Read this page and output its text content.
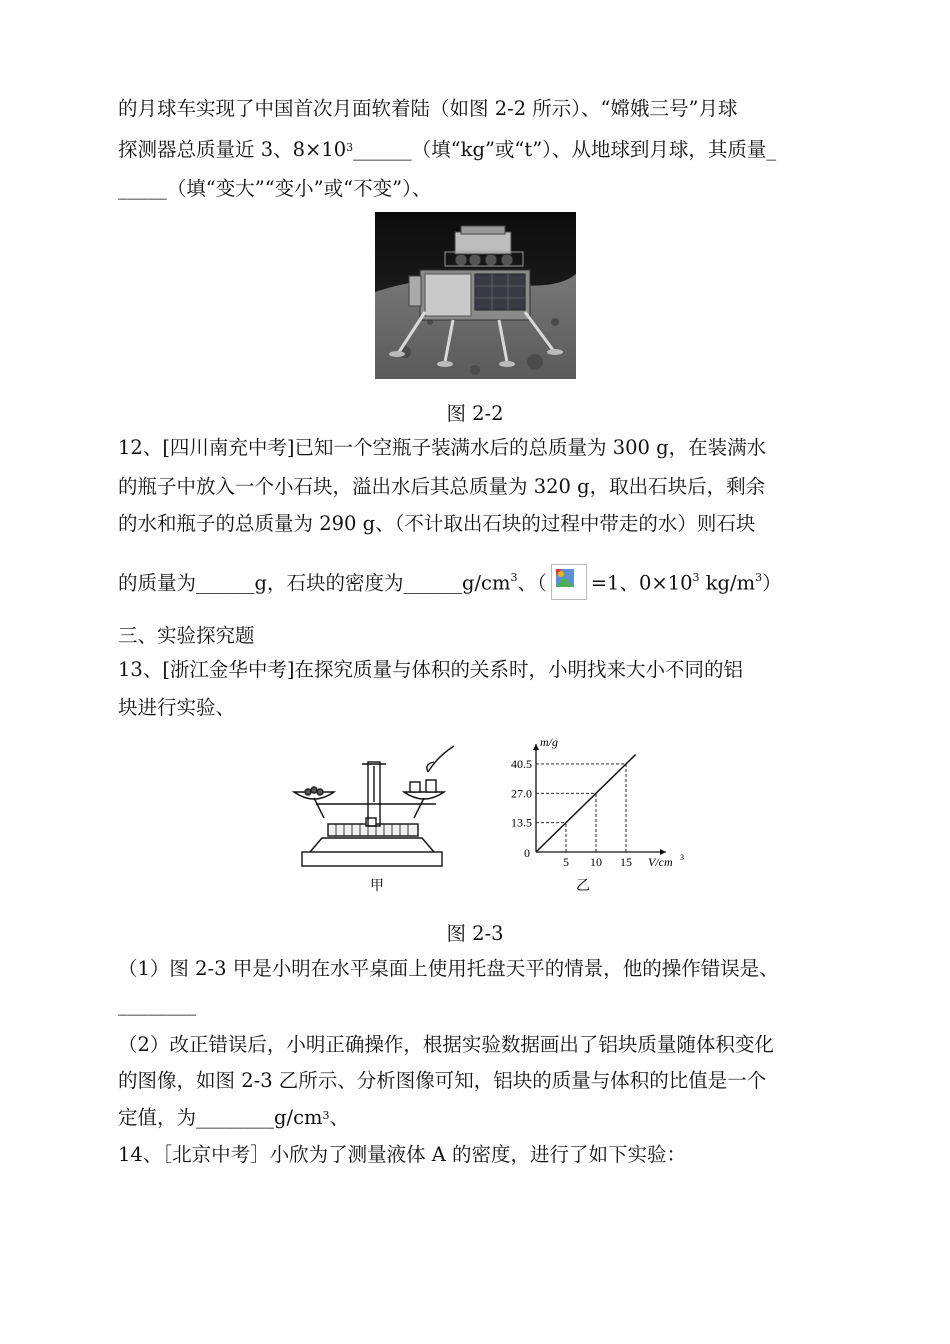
的月球车实现了中国首次月面软着陆（如图 2-2 所示）、“嫦娥三号”月球
探测器总质量近 3、$8\times 10^3\_\_\_\_\_\_$（填“kg”或“t”）、从地球到月球，其质量_
_____（填“变大”“变小”或“不变”）、
图 2-2
12、[四川南充中考]已知一个空瓶子装满水后的总质量为 300 g，在装满水
的瓶子中放入一个小石块，溢出水后其总质量为 320 g，取出石块后，剩余
的水和瓶子的总质量为 290 g、（不计取出石块的过程中带走的水）则石块
的质量为______g，石块的密度为$\_\_\_\_\_\_g/cm^3$、（ =1、$0\times 10^3$ $kg/m^3$）
三、实验探究题
13、[浙江金华中考]在探究质量与体积的关系时，小明找来大小不同的铝
块进行实验、
甲
5 10 15
40.5
27.0
13.5
0
m/g
V/cm 3
乙
图 2-3
（1）图 2-3 甲是小明在水平桌面上使用托盘天平的情景，他的操作错误是、
________
（2）改正错误后，小明正确操作，根据实验数据画出了铝块质量随体积变化
的图像，如图 2-3 乙所示、分析图像可知，铝块的质量与体积的比值是一个
定值，为$\_\_\_\_\_\_\_\_g/cm^3$、
14、［北京中考］小欣为了测量液体 A 的密度，进行了如下实验：
